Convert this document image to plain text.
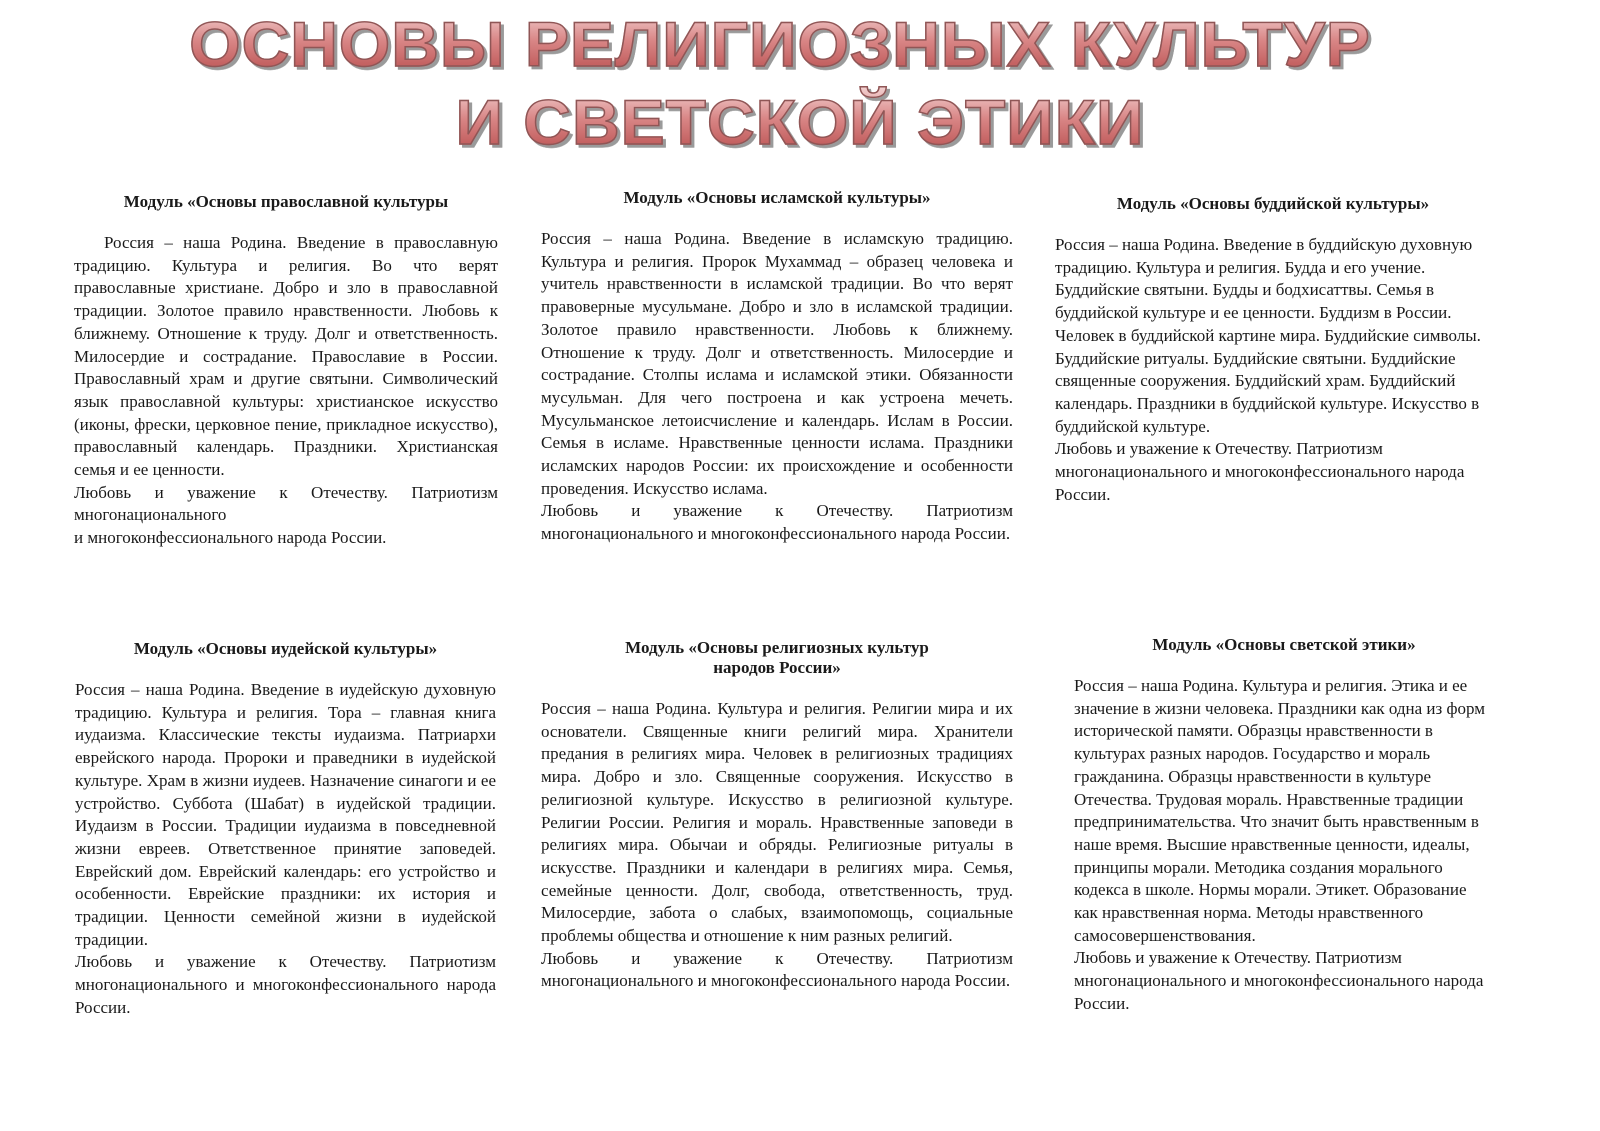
ОСНОВЫ РЕЛИГИОЗНЫХ КУЛЬТУР
И СВЕТСКОЙ ЭТИКИ
Модуль «Основы православной культуры

Россия – наша Родина. Введение в православную традицию. Культура и религия. Во что верят православные христиане. Добро и зло в православной традиции. Золотое правило нравственности. Любовь к ближнему. Отношение к труду. Долг и ответственность. Милосердие и сострадание. Православие в России. Православный храм и другие святыни. Символический язык православной культуры: христианское искусство (иконы, фрески, церковное пение, прикладное искусство), православный календарь. Праздники. Христианская семья и ее ценности.

Любовь и уважение к Отечеству. Патриотизм многонационального

и многоконфессионального народа России.

Модуль «Основы исламской культуры»

Россия – наша Родина. Введение в исламскую традицию. Культура и религия. Пророк Мухаммад – образец человека и учитель нравственности в исламской традиции. Во что верят правоверные мусульмане. Добро и зло в исламской традиции. Золотое правило нравственности. Любовь к ближнему. Отношение к труду. Долг и ответственность. Милосердие и сострадание. Столпы ислама и исламской этики. Обязанности мусульман. Для чего построена и как устроена мечеть. Мусульманское летоисчисление и календарь. Ислам в России. Семья в исламе. Нравственные ценности ислама. Праздники исламских народов России: их происхождение и особенности проведения. Искусство ислама.

Любовь и уважение к Отечеству. Патриотизм многонационального и многоконфессионального народа России.

Модуль «Основы буддийской культуры»

Россия – наша Родина. Введение в буддийскую духовную традицию. Культура и религия. Будда и его учение. Буддийские святыни. Будды и бодхисаттвы. Семья в буддийской культуре и ее ценности. Буддизм в России. Человек в буддийской картине мира. Буддийские символы. Буддийские ритуалы. Буддийские святыни. Буддийские священные сооружения. Буддийский храм. Буддийский календарь. Праздники в буддийской культуре. Искусство в буддийской культуре.

Любовь и уважение к Отечеству. Патриотизм многонационального и многоконфессионального народа России.

Модуль «Основы иудейской культуры»

Россия – наша Родина. Введение в иудейскую духовную традицию. Культура и религия. Тора – главная книга иудаизма. Классические тексты иудаизма. Патриархи еврейского народа. Пророки и праведники в иудейской культуре. Храм в жизни иудеев. Назначение синагоги и ее устройство. Суббота (Шабат) в иудейской традиции. Иудаизм в России. Традиции иудаизма в повседневной жизни евреев. Ответственное принятие заповедей. Еврейский дом. Еврейский календарь: его устройство и особенности. Еврейские праздники: их история и традиции. Ценности семейной жизни в иудейской традиции.

Любовь и уважение к Отечеству. Патриотизм многонационального и многоконфессионального народа России.

Модуль «Основы религиозных культур народов России»

Россия – наша Родина. Культура и религия. Религии мира и их основатели. Священные книги религий мира. Хранители предания в религиях мира. Человек в религиозных традициях мира. Добро и зло. Священные сооружения. Искусство в религиозной культуре. Искусство в религиозной культуре. Религии России. Религия и мораль. Нравственные заповеди в религиях мира. Обычаи и обряды. Религиозные ритуалы в искусстве. Праздники и календари в религиях мира. Семья, семейные ценности. Долг, свобода, ответственность, труд. Милосердие, забота о слабых, взаимопомощь, социальные проблемы общества и отношение к ним разных религий.

Любовь и уважение к Отечеству. Патриотизм многонационального и многоконфессионального народа России.

Модуль «Основы светской этики»

Россия – наша Родина. Культура и религия. Этика и ее значение в жизни человека. Праздники как одна из форм исторической памяти. Образцы нравственности в культурах разных народов. Государство и мораль гражданина. Образцы нравственности в культуре Отечества. Трудовая мораль. Нравственные традиции предпринимательства. Что значит быть нравственным в наше время. Высшие нравственные ценности, идеалы, принципы морали. Методика создания морального кодекса в школе. Нормы морали. Этикет. Образование как нравственная норма. Методы нравственного самосовершенствования.

Любовь и уважение к Отечеству. Патриотизм многонационального и многоконфессионального народа России.
